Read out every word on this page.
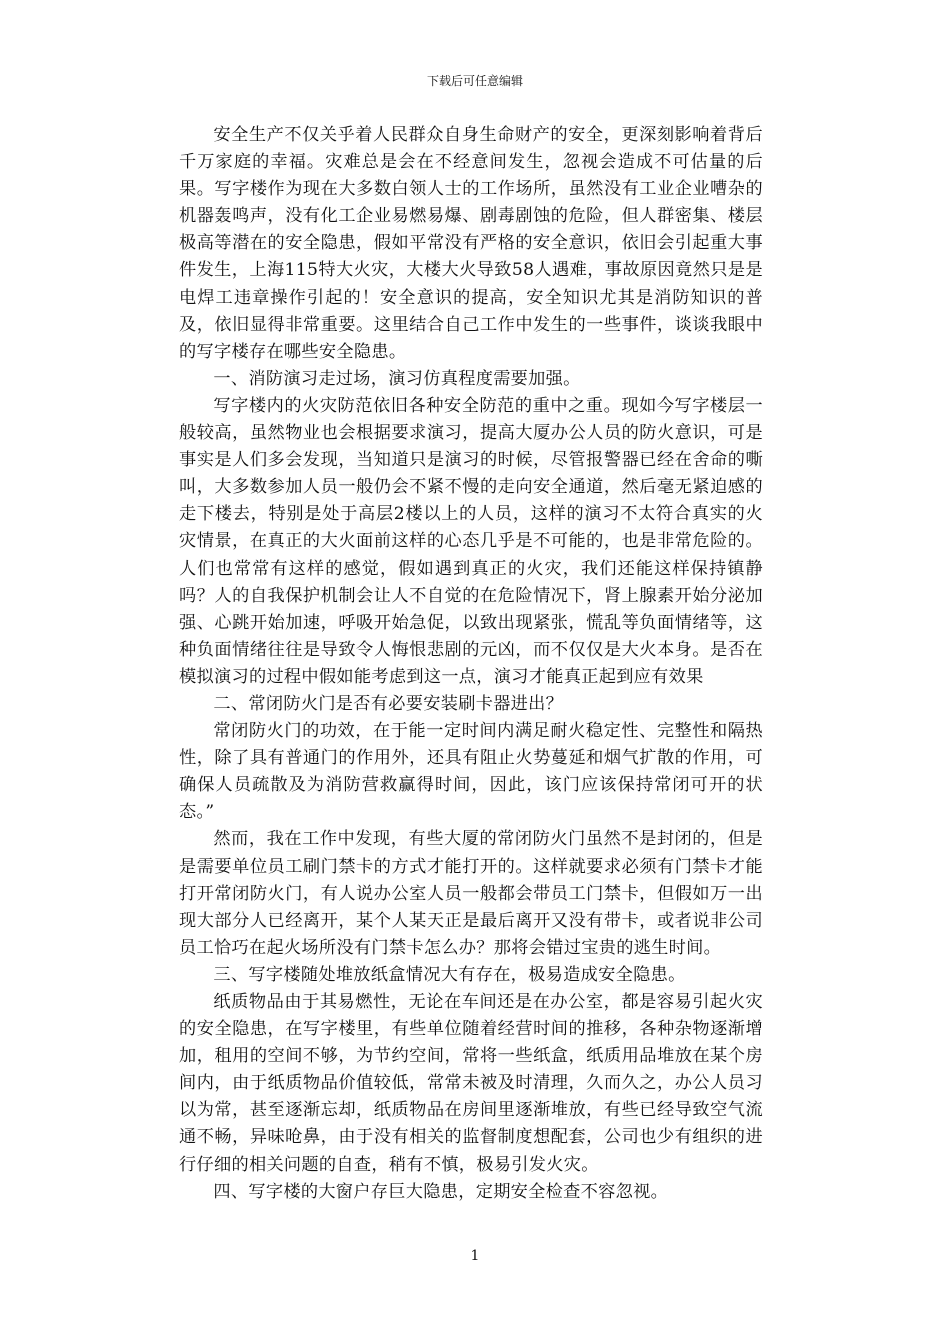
下载后可任意编辑

安全生产不仅关乎着人民群众自身生命财产的安全，更深刻影响着背后千万家庭的幸福。灾难总是会在不经意间发生，忽视会造成不可估量的后果。写字楼作为现在大多数白领人士的工作场所，虽然没有工业企业嘈杂的机器轰鸣声，没有化工企业易燃易爆、剧毒剧蚀的危险，但人群密集、楼层极高等潜在的安全隐患，假如平常没有严格的安全意识，依旧会引起重大事件发生，上海115特大火灾，大楼大火导致58人遇难，事故原因竟然只是是电焊工违章操作引起的！安全意识的提高，安全知识尤其是消防知识的普及，依旧显得非常重要。这里结合自己工作中发生的一些事件，谈谈我眼中的写字楼存在哪些安全隐患。

一、消防演习走过场，演习仿真程度需要加强。

写字楼内的火灾防范依旧各种安全防范的重中之重。现如今写字楼层一般较高，虽然物业也会根据要求演习，提高大厦办公人员的防火意识，可是事实是人们多会发现，当知道只是演习的时候，尽管报警器已经在舍命的嘶叫，大多数参加人员一般仍会不紧不慢的走向安全通道，然后毫无紧迫感的走下楼去，特别是处于高层2楼以上的人员，这样的演习不太符合真实的火灾情景，在真正的大火面前这样的心态几乎是不可能的，也是非常危险的。人们也常常有这样的感觉，假如遇到真正的火灾，我们还能这样保持镇静吗？人的自我保护机制会让人不自觉的在危险情况下，肾上腺素开始分泌加强、心跳开始加速，呼吸开始急促，以致出现紧张，慌乱等负面情绪等，这种负面情绪往往是导致令人悔恨悲剧的元凶，而不仅仅是大火本身。是否在模拟演习的过程中假如能考虑到这一点，演习才能真正起到应有效果

二、常闭防火门是否有必要安装刷卡器进出？

常闭防火门的功效，在于能一定时间内满足耐火稳定性、完整性和隔热性，除了具有普通门的作用外，还具有阻止火势蔓延和烟气扩散的作用，可确保人员疏散及为消防营救赢得时间，因此，该门应该保持常闭可开的状态。”

然而，我在工作中发现，有些大厦的常闭防火门虽然不是封闭的，但是是需要单位员工刷门禁卡的方式才能打开的。这样就要求必须有门禁卡才能打开常闭防火门，有人说办公室人员一般都会带员工门禁卡，但假如万一出现大部分人已经离开，某个人某天正是最后离开又没有带卡，或者说非公司员工恰巧在起火场所没有门禁卡怎么办？那将会错过宝贵的逃生时间。

三、写字楼随处堆放纸盒情况大有存在，极易造成安全隐患。

纸质物品由于其易燃性，无论在车间还是在办公室，都是容易引起火灾的安全隐患，在写字楼里，有些单位随着经营时间的推移，各种杂物逐渐增加，租用的空间不够，为节约空间，常将一些纸盒，纸质用品堆放在某个房间内，由于纸质物品价值较低，常常未被及时清理，久而久之，办公人员习以为常，甚至逐渐忘却，纸质物品在房间里逐渐堆放，有些已经导致空气流通不畅，异味呛鼻，由于没有相关的监督制度想配套，公司也少有组织的进行仔细的相关问题的自查，稍有不慎，极易引发火灾。

四、写字楼的大窗户存巨大隐患，定期安全检查不容忽视。

1
